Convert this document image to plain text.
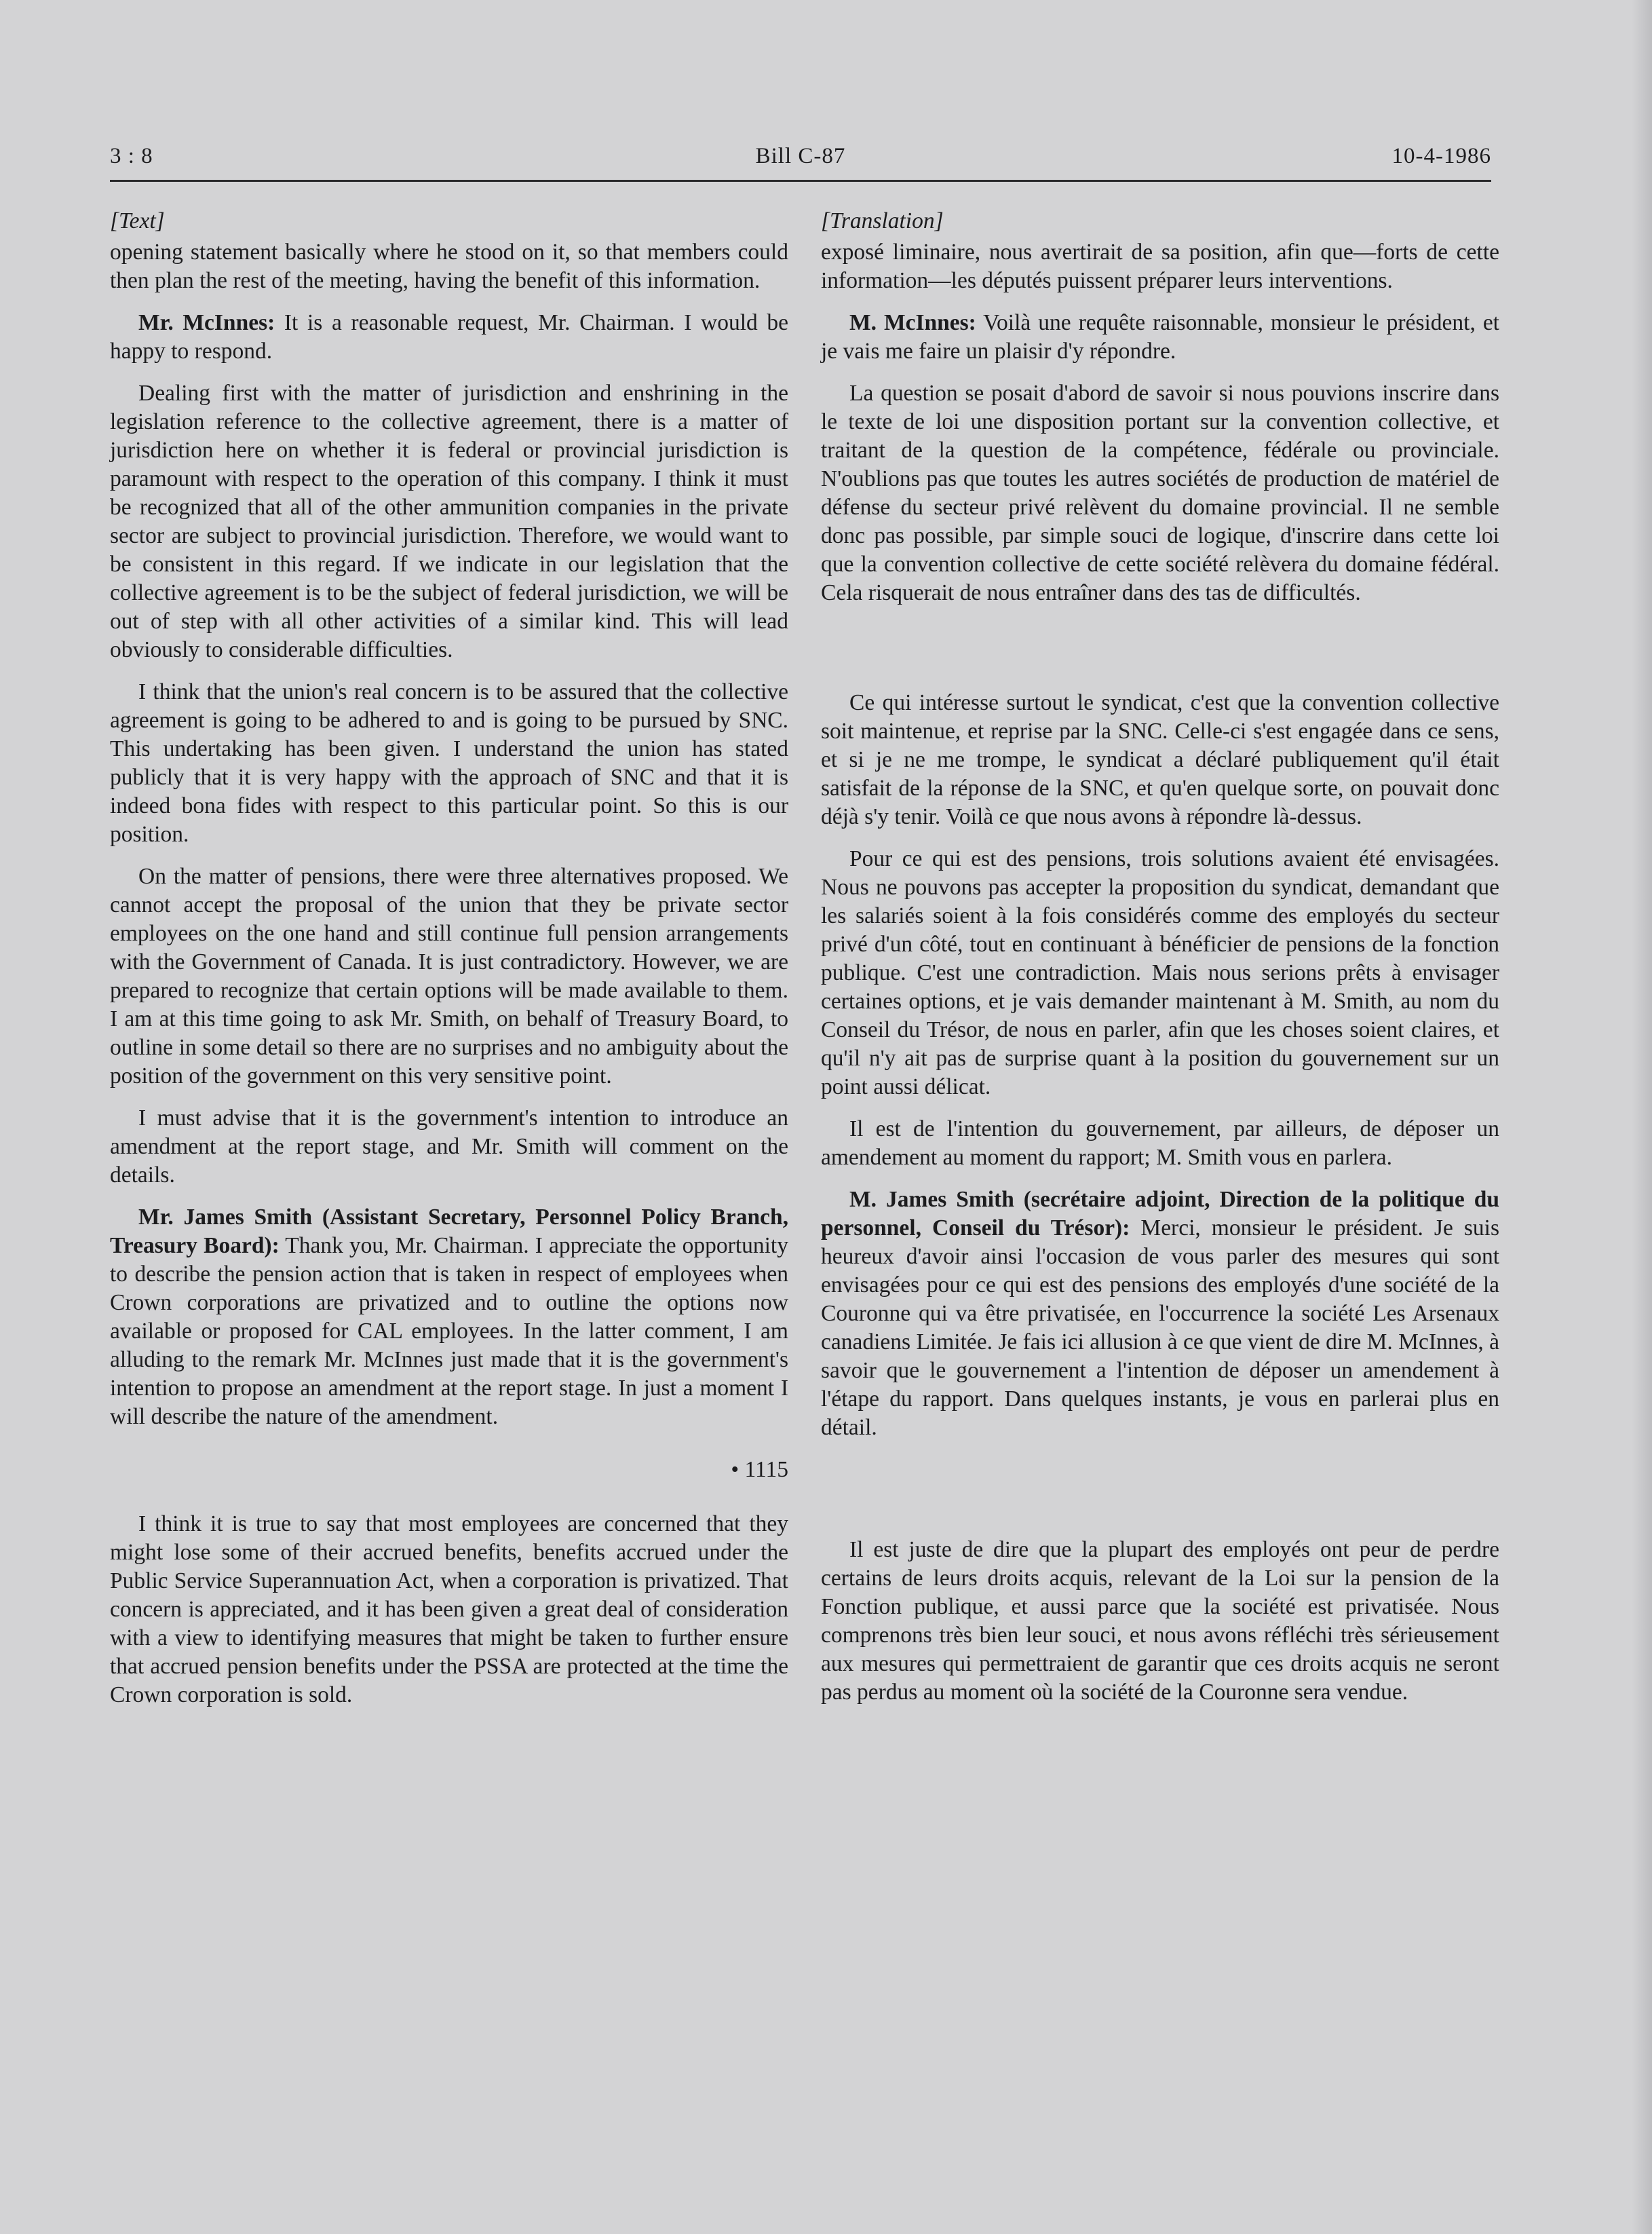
3 : 8	Bill C-87	10-4-1986
[Text]

opening statement basically where he stood on it, so that members could then plan the rest of the meeting, having the benefit of this information.

Mr. McInnes: It is a reasonable request, Mr. Chairman. I would be happy to respond.

Dealing first with the matter of jurisdiction and enshrining in the legislation reference to the collective agreement, there is a matter of jurisdiction here on whether it is federal or provincial jurisdiction is paramount with respect to the operation of this company. I think it must be recognized that all of the other ammunition companies in the private sector are subject to provincial jurisdiction. Therefore, we would want to be consistent in this regard. If we indicate in our legislation that the collective agreement is to be the subject of federal jurisdiction, we will be out of step with all other activities of a similar kind. This will lead obviously to considerable difficulties.

I think that the union's real concern is to be assured that the collective agreement is going to be adhered to and is going to be pursued by SNC. This undertaking has been given. I understand the union has stated publicly that it is very happy with the approach of SNC and that it is indeed bona fides with respect to this particular point. So this is our position.

On the matter of pensions, there were three alternatives proposed. We cannot accept the proposal of the union that they be private sector employees on the one hand and still continue full pension arrangements with the Government of Canada. It is just contradictory. However, we are prepared to recognize that certain options will be made available to them. I am at this time going to ask Mr. Smith, on behalf of Treasury Board, to outline in some detail so there are no surprises and no ambiguity about the position of the government on this very sensitive point.

I must advise that it is the government's intention to introduce an amendment at the report stage, and Mr. Smith will comment on the details.

Mr. James Smith (Assistant Secretary, Personnel Policy Branch, Treasury Board): Thank you, Mr. Chairman. I appreciate the opportunity to describe the pension action that is taken in respect of employees when Crown corporations are privatized and to outline the options now available or proposed for CAL employees. In the latter comment, I am alluding to the remark Mr. McInnes just made that it is the government's intention to propose an amendment at the report stage. In just a moment I will describe the nature of the amendment.

• 1115

I think it is true to say that most employees are concerned that they might lose some of their accrued benefits, benefits accrued under the Public Service Superannuation Act, when a corporation is privatized. That concern is appreciated, and it has been given a great deal of consideration with a view to identifying measures that might be taken to further ensure that accrued pension benefits under the PSSA are protected at the time the Crown corporation is sold.

[Translation]

exposé liminaire, nous avertirait de sa position, afin que—forts de cette information—les députés puissent préparer leurs interventions.

M. McInnes: Voilà une requête raisonnable, monsieur le président, et je vais me faire un plaisir d'y répondre.

La question se posait d'abord de savoir si nous pouvions inscrire dans le texte de loi une disposition portant sur la convention collective, et traitant de la question de la compétence, fédérale ou provinciale. N'oublions pas que toutes les autres sociétés de production de matériel de défense du secteur privé relèvent du domaine provincial. Il ne semble donc pas possible, par simple souci de logique, d'inscrire dans cette loi que la convention collective de cette société relèvera du domaine fédéral. Cela risquerait de nous entraîner dans des tas de difficultés.

Ce qui intéresse surtout le syndicat, c'est que la convention collective soit maintenue, et reprise par la SNC. Celle-ci s'est engagée dans ce sens, et si je ne me trompe, le syndicat a déclaré publiquement qu'il était satisfait de la réponse de la SNC, et qu'en quelque sorte, on pouvait donc déjà s'y tenir. Voilà ce que nous avons à répondre là-dessus.

Pour ce qui est des pensions, trois solutions avaient été envisagées. Nous ne pouvons pas accepter la proposition du syndicat, demandant que les salariés soient à la fois considérés comme des employés du secteur privé d'un côté, tout en continuant à bénéficier de pensions de la fonction publique. C'est une contradiction. Mais nous serions prêts à envisager certaines options, et je vais demander maintenant à M. Smith, au nom du Conseil du Trésor, de nous en parler, afin que les choses soient claires, et qu'il n'y ait pas de surprise quant à la position du gouvernement sur un point aussi délicat.

Il est de l'intention du gouvernement, par ailleurs, de déposer un amendement au moment du rapport; M. Smith vous en parlera.

M. James Smith (secrétaire adjoint, Direction de la politique du personnel, Conseil du Trésor): Merci, monsieur le président. Je suis heureux d'avoir ainsi l'occasion de vous parler des mesures qui sont envisagées pour ce qui est des pensions des employés d'une société de la Couronne qui va être privatisée, en l'occurrence la société Les Arsenaux canadiens Limitée. Je fais ici allusion à ce que vient de dire M. McInnes, à savoir que le gouvernement a l'intention de déposer un amendement à l'étape du rapport. Dans quelques instants, je vous en parlerai plus en détail.

Il est juste de dire que la plupart des employés ont peur de perdre certains de leurs droits acquis, relevant de la Loi sur la pension de la Fonction publique, et aussi parce que la société est privatisée. Nous comprenons très bien leur souci, et nous avons réfléchi très sérieusement aux mesures qui permettraient de garantir que ces droits acquis ne seront pas perdus au moment où la société de la Couronne sera vendue.
